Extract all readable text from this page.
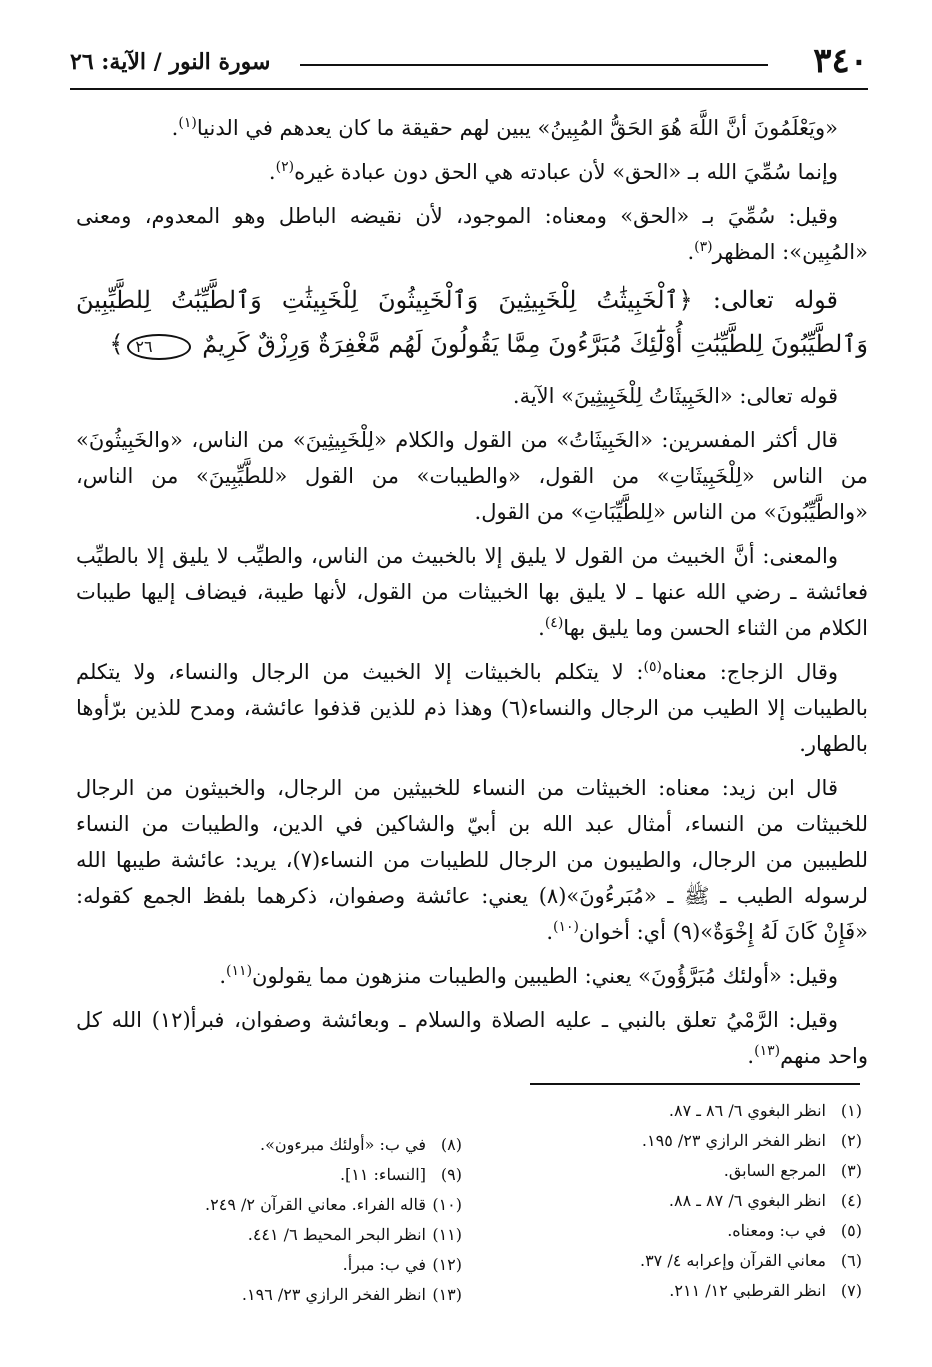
٣٤٠
سورة النور / الآية: ٢٦

«ويَعْلَمُونَ أنَّ اللَّهَ هُوَ الحَقُّ المُبِينُ» يبين لهم حقيقة ما كان يعدهم في الدنيا$^{(١)}$.

وإنما سُمِّيَ الله بـ «الحق» لأن عبادته هي الحق دون عبادة غيره$^{(٢)}$.

وقيل: سُمِّيَ بـ «الحق» ومعناه: الموجود، لأن نقيضه الباطل وهو المعدوم، ومعنى «المُبِين»: المظهر$^{(٣)}$.

قوله تعالى: ﴿ٱلْخَبِيثَٰتُ لِلْخَبِيثِينَ وَٱلْخَبِيثُونَ لِلْخَبِيثَٰتِ وَٱلطَّيِّبَٰتُ لِلطَّيِّبِينَ وَٱلطَّيِّبُونَ لِلطَّيِّبَٰتِ أُوْلَٰٓئِكَ مُبَرَّءُونَ مِمَّا يَقُولُونَ لَهُم مَّغْفِرَةٌ وَرِزْقٌ كَرِيمٌ ٢٦﴾

قوله تعالى: «الخَبِيثَاتُ لِلْخَبِيثِينَ» الآية.

قال أكثر المفسرين: «الخَبِيثَاتُ» من القول والكلام «لِلْخَبِيثِينَ» من الناس، «والخَبِيثُونَ» من الناس «لِلْخَبِيثَاتِ» من القول، «والطيبات» من القول «للطَّيِّبِينَ» من الناس، «والطَّيِّبُونَ» من الناس «لِلطَّيِّبَاتِ» من القول.

والمعنى: أنَّ الخبيث من القول لا يليق إلا بالخبيث من الناس، والطيِّب لا يليق إلا بالطيِّب فعائشة ـ رضي الله عنها ـ لا يليق بها الخبيثات من القول، لأنها طيبة، فيضاف إليها طيبات الكلام من الثناء الحسن وما يليق بها$^{(٤)}$.

وقال الزجاج: معناه$^{(٥)}$: لا يتكلم بالخبيثات إلا الخبيث من الرجال والنساء، ولا يتكلم بالطيبات إلا الطيب من الرجال والنساء(٦) وهذا ذم للذين قذفوا عائشة، ومدح للذين برّأوها بالطهار.

قال ابن زيد: معناه: الخبيثات من النساء للخبيثين من الرجال، والخبيثون من الرجال للخبيثات من النساء، أمثال عبد الله بن أبيّ والشاكين في الدين، والطيبات من النساء للطيبين من الرجال، والطيبون من الرجال للطيبات من النساء(٧)، يريد: عائشة طيبها الله لرسوله الطيب ـ ﷺ ـ «مُبَرءُونَ»(٨) يعني: عائشة وصفوان، ذكرهما بلفظ الجمع كقوله: «فَإِنْ كَانَ لَهُ إِخْوَةٌ»(٩) أي: أخوان$^{(١٠)}$.

وقيل: «أولئك مُبَرَّؤُونَ» يعني: الطيبين والطيبات منزهون مما يقولون$^{(١١)}$.

وقيل: الرَّمْيُ تعلق بالنبي ـ عليه الصلاة والسلام ـ وبعائشة وصفوان، فبرأ(١٢) الله كل واحد منهم$^{(١٣)}$.

(١)انظر البغوي ٦/ ٨٦ ـ ٨٧.

(٢)انظر الفخر الرازي ٢٣/ ١٩٥.

(٣)المرجع السابق.

(٤)انظر البغوي ٦/ ٨٧ ـ ٨٨.

(٥)في ب: ومعناه.

(٦)معاني القرآن وإعرابه ٤/ ٣٧.

(٧)انظر القرطبي ١٢/ ٢١١.

(٨)في ب: «أولئك مبرءون».

(٩)[النساء: ١١].

(١٠)قاله الفراء. معاني القرآن ٢/ ٢٤٩.

(١١)انظر البحر المحيط ٦/ ٤٤١.

(١٢)في ب: مبرأ.

(١٣)انظر الفخر الرازي ٢٣/ ١٩٦.
